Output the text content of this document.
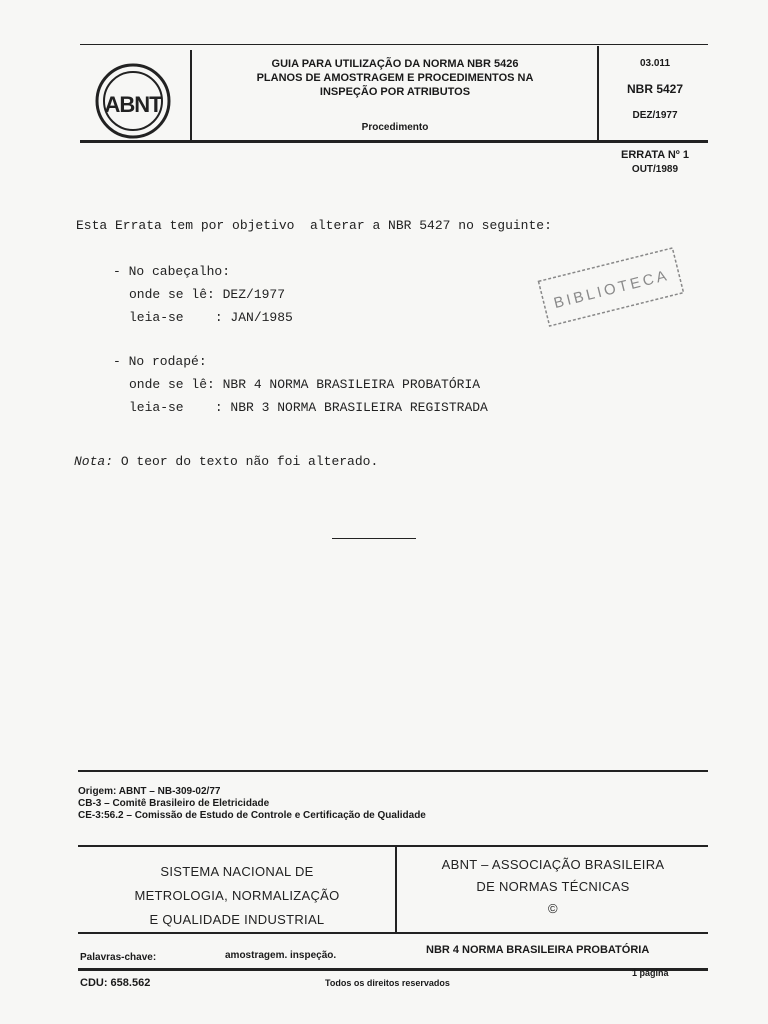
ABNT
GUIA PARA UTILIZAÇÃO DA NORMA NBR 5426
PLANOS DE AMOSTRAGEM E PROCEDIMENTOS NA
INSPEÇÃO POR ATRIBUTOS
Procedimento
03.011
NBR 5427
DEZ/1977
ERRATA Nº 1
OUT/1989
Esta Errata tem por objetivo  alterar a NBR 5427 no seguinte:
- No cabeçalho:
onde se lê: DEZ/1977
leia-se    : JAN/1985
- No rodapé:
onde se lê: NBR 4 NORMA BRASILEIRA PROBATÓRIA
leia-se    : NBR 3 NORMA BRASILEIRA REGISTRADA
Nota: O teor do texto não foi alterado.
BIBLIOTECA
Origem: ABNT – NB-309-02/77
CB-3 – Comitê Brasileiro de Eletricidade
CE-3:56.2 – Comissão de Estudo de Controle e Certificação de Qualidade
SISTEMA NACIONAL DE
METROLOGIA, NORMALIZAÇÃO
E QUALIDADE INDUSTRIAL
ABNT – ASSOCIAÇÃO BRASILEIRA
DE NORMAS TÉCNICAS
©
Palavras-chave:	amostragem. inspeção.	NBR 4 NORMA BRASILEIRA PROBATÓRIA
CDU: 658.562	Todos os direitos reservados
1 página
